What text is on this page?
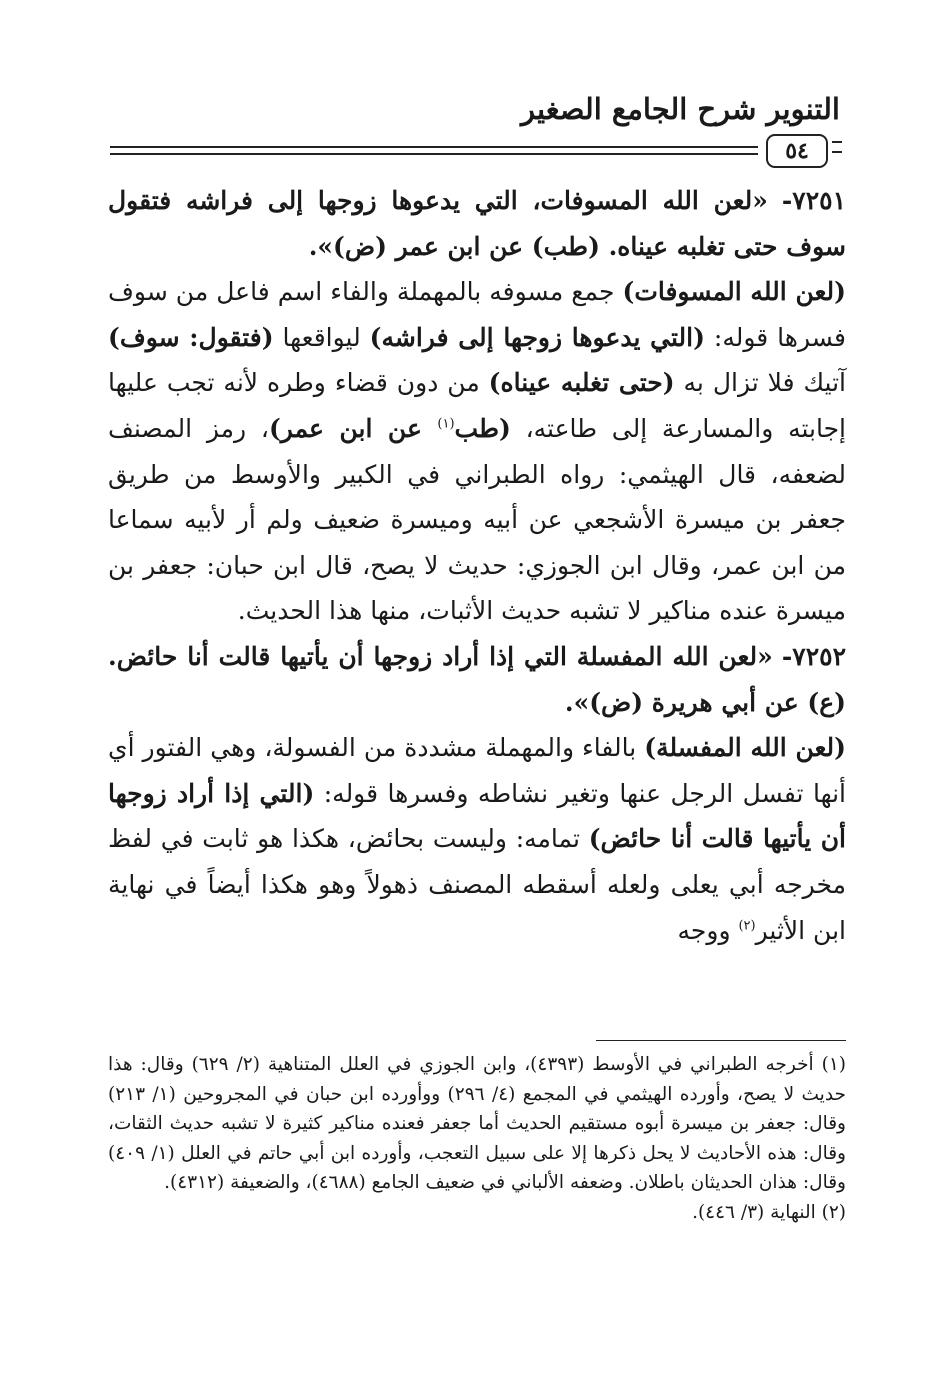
التنوير شرح الجامع الصغير
٥٤

٧٢٥١- «لعن الله المسوفات، التي يدعوها زوجها إلى فراشه فتقول سوف حتى تغلبه عيناه. (طب) عن ابن عمر (ض)».

(لعن الله المسوفات) جمع مسوفه بالمهملة والفاء اسم فاعل من سوف فسرها قوله: (التي يدعوها زوجها إلى فراشه) ليواقعها (فتقول: سوف) آتيك فلا تزال به (حتى تغلبه عيناه) من دون قضاء وطره لأنه تجب عليها إجابته والمسارعة إلى طاعته، (طب$^{(١)}$ عن ابن عمر)، رمز المصنف لضعفه، قال الهيثمي: رواه الطبراني في الكبير والأوسط من طريق جعفر بن ميسرة الأشجعي عن أبيه وميسرة ضعيف ولم أر لأبيه سماعا من ابن عمر، وقال ابن الجوزي: حديث لا يصح، قال ابن حبان: جعفر بن ميسرة عنده مناكير لا تشبه حديث الأثبات، منها هذا الحديث.

٧٢٥٢- «لعن الله المفسلة التي إذا أراد زوجها أن يأتيها قالت أنا حائض. (ع) عن أبي هريرة (ض)».

(لعن الله المفسلة) بالفاء والمهملة مشددة من الفسولة، وهي الفتور أي أنها تفسل الرجل عنها وتغير نشاطه وفسرها قوله: (التي إذا أراد زوجها أن يأتيها قالت أنا حائض) تمامه: وليست بحائض، هكذا هو ثابت في لفظ مخرجه أبي يعلى ولعله أسقطه المصنف ذهولاً وهو هكذا أيضاً في نهاية ابن الأثير$^{(٢)}$ ووجه

(١) أخرجه الطبراني في الأوسط (٤٣٩٣)، وابن الجوزي في العلل المتناهية (٢/ ٦٢٩) وقال: هذا حديث لا يصح، وأورده الهيثمي في المجمع (٤/ ٢٩٦) ووأورده ابن حبان في المجروحين (١/ ٢١٣) وقال: جعفر بن ميسرة أبوه مستقيم الحديث أما جعفر فعنده مناكير كثيرة لا تشبه حديث الثقات، وقال: هذه الأحاديث لا يحل ذكرها إلا على سبيل التعجب، وأورده ابن أبي حاتم في العلل (١/ ٤٠٩) وقال: هذان الحديثان باطلان. وضعفه الألباني في ضعيف الجامع (٤٦٨٨)، والضعيفة (٤٣١٢).

(٢) النهاية (٣/ ٤٤٦).
